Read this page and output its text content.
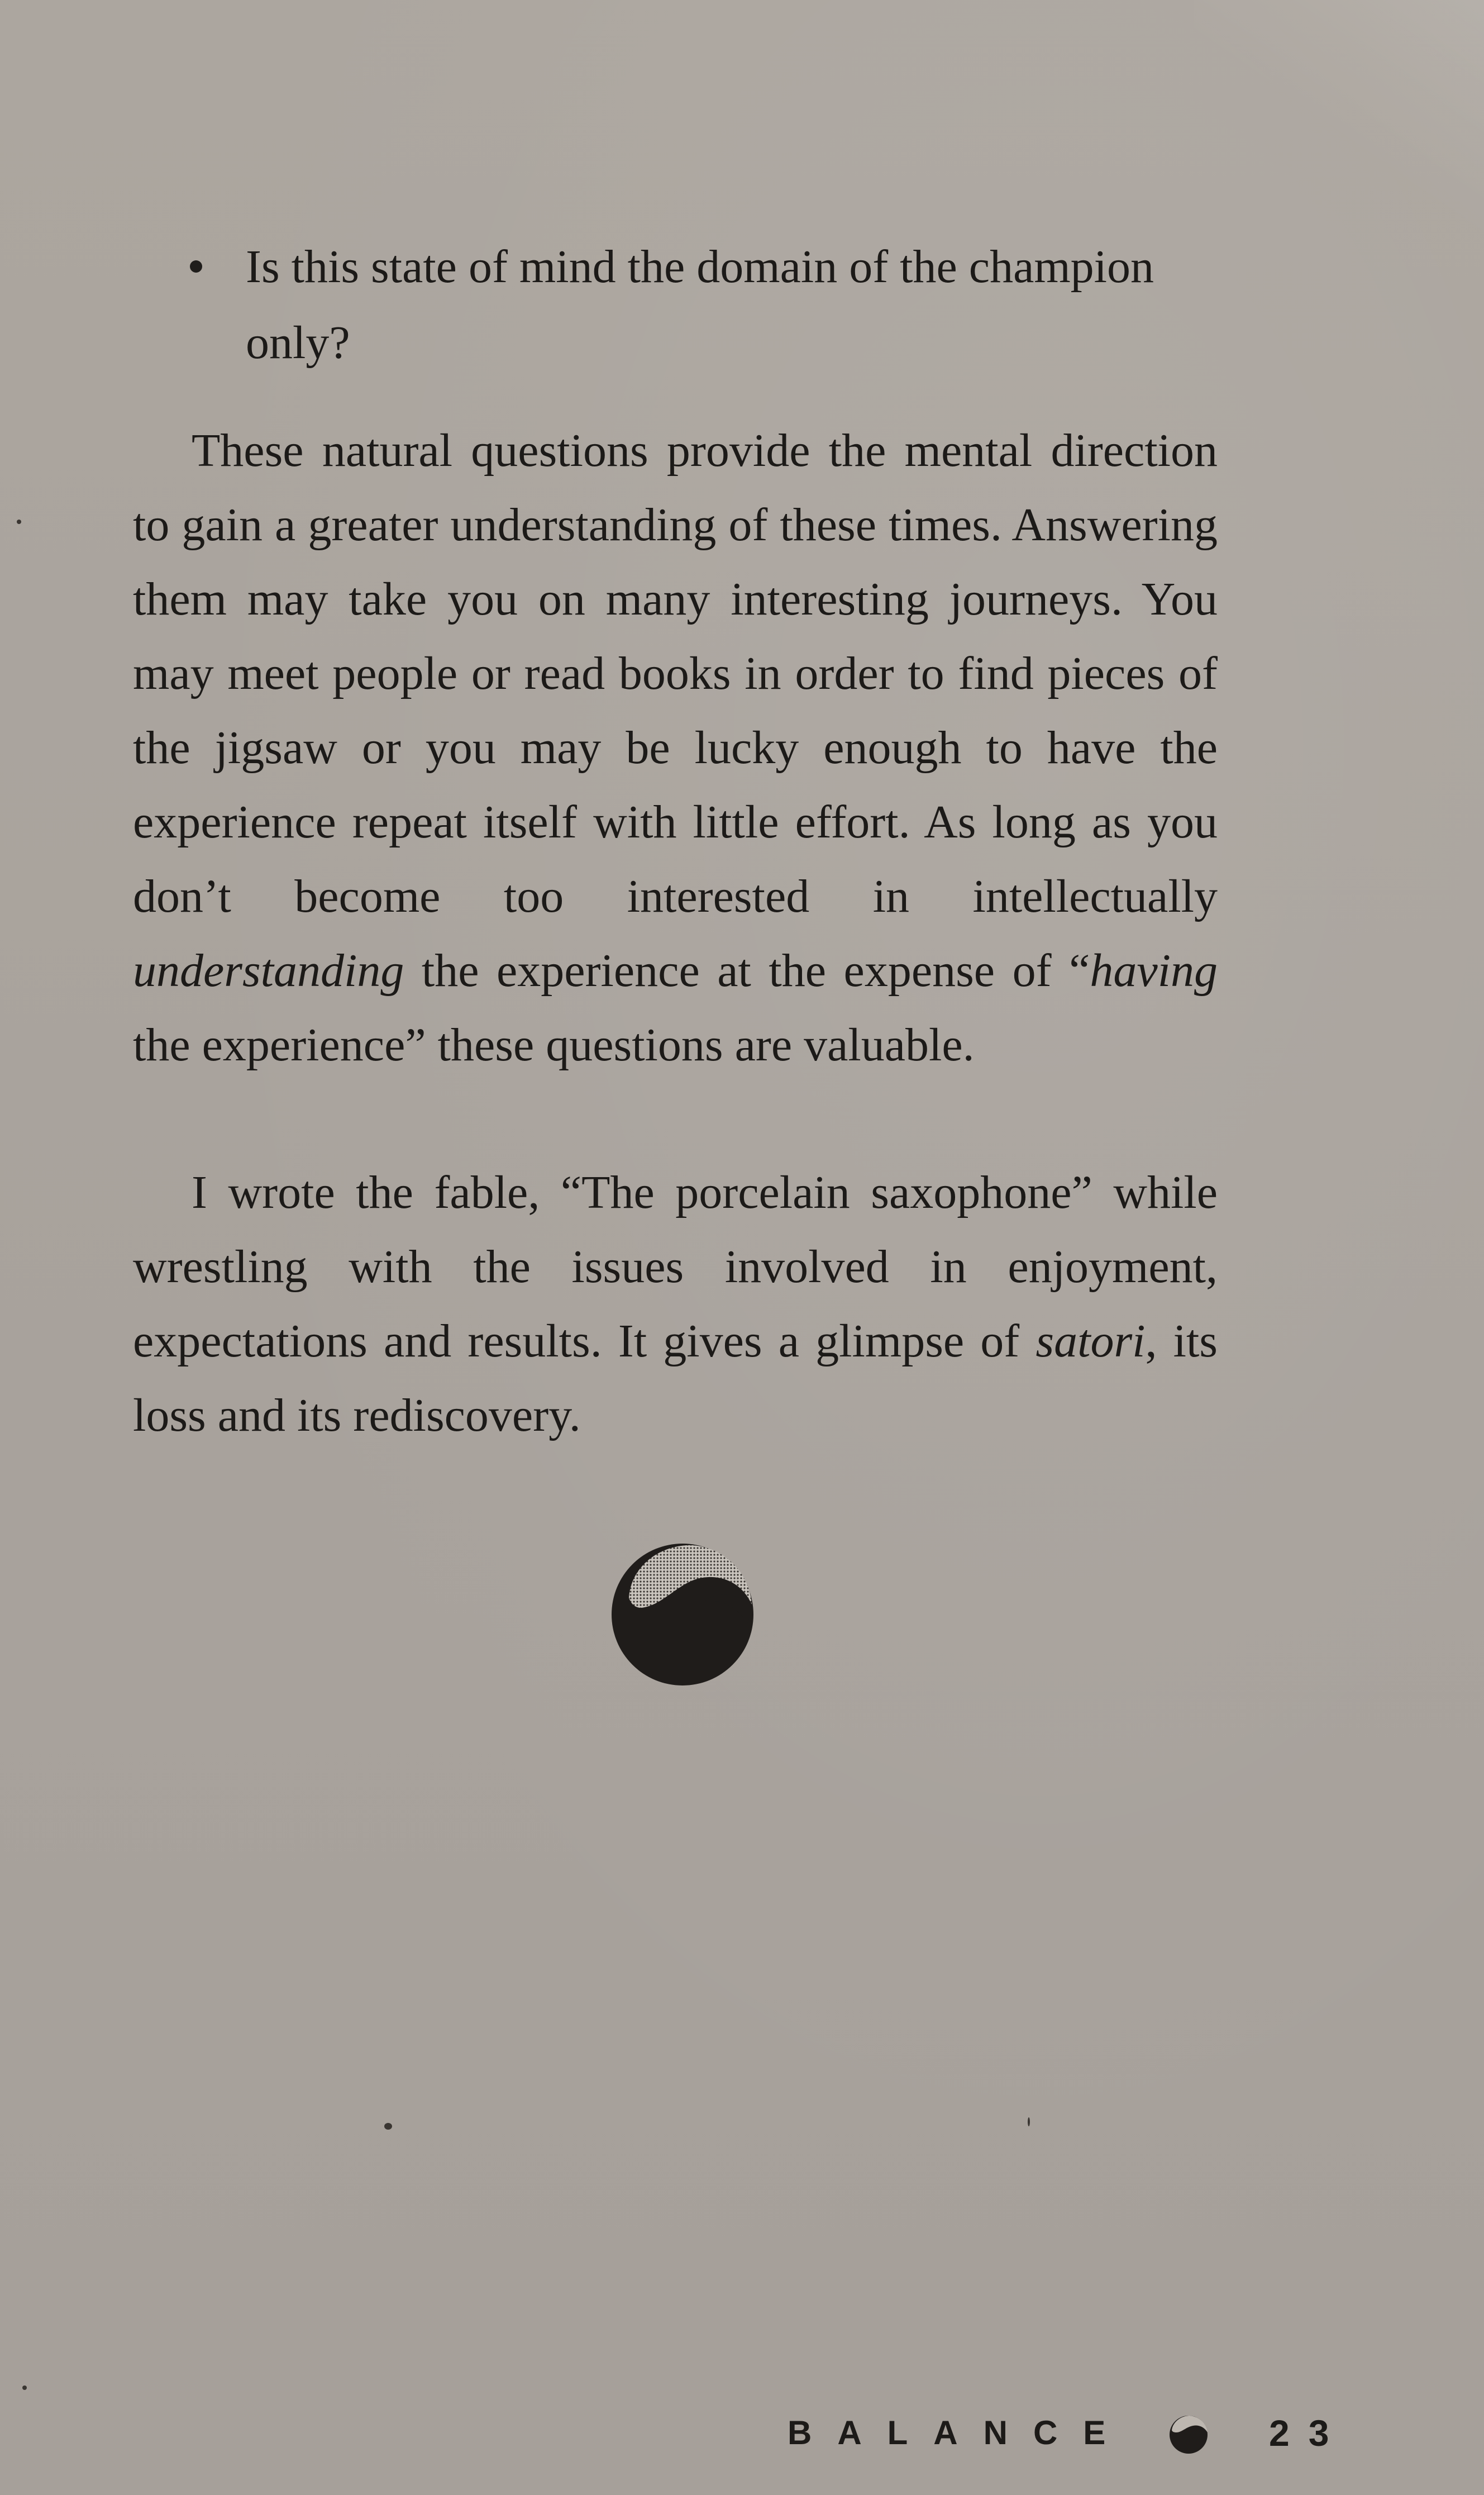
Is this state of mind the domain of the champion only?

These natural questions provide the mental direction to gain a greater understanding of these times. Answering them may take you on many interesting journeys. You may meet people or read books in order to find pieces of the jigsaw or you may be lucky enough to have the experience repeat itself with little effort. As long as you don’t become too interested in intellectually understanding the experience at the expense of “having the experience” these questions are valuable.

I wrote the fable, “The porcelain saxophone” while wrestling with the issues involved in enjoyment, expectations and results. It gives a glimpse of satori, its loss and its rediscovery.

BALANCE	23
